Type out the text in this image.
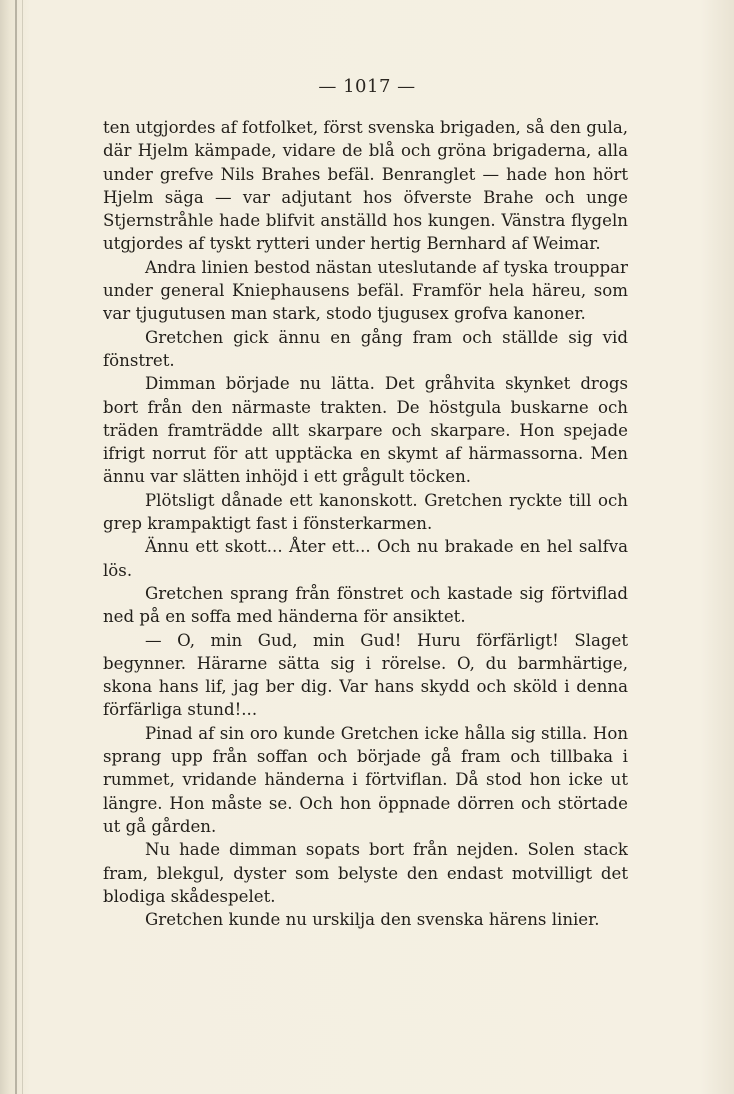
— 1017 —

ten utgjordes af fotfolket, först svenska brigaden, så den gula, där Hjelm kämpade, vidare de blå och gröna brigaderna, alla under grefve Nils Brahes befäl. Benranglet — hade hon hört Hjelm säga — var adjutant hos öfverste Brahe och unge Stjernstråhle hade blifvit anställd hos kungen. Vänstra flygeln utgjordes af tyskt rytteri under hertig Bernhard af Weimar.

Andra linien bestod nästan uteslutande af tyska trouppar under general Kniephausens befäl. Framför hela häreu, som var tjugutusen man stark, stodo tjugusex grofva kanoner.

Gretchen gick ännu en gång fram och ställde sig vid fönstret.

Dimman började nu lätta. Det gråhvita skynket drogs bort från den närmaste trakten. De höstgula buskarne och träden framträdde allt skarpare och skarpare. Hon spejade ifrigt norrut för att upptäcka en skymt af härmassorna. Men ännu var slätten inhöjd i ett grågult töcken.

Plötsligt dånade ett kanonskott. Gretchen ryckte till och grep krampaktigt fast i fönsterkarmen.

Ännu ett skott... Åter ett... Och nu brakade en hel salfva lös.

Gretchen sprang från fönstret och kastade sig förtviflad ned på en soffa med händerna för ansiktet.

— O, min Gud, min Gud! Huru förfärligt! Slaget begynner. Härarne sätta sig i rörelse. O, du barmhärtige, skona hans lif, jag ber dig. Var hans skydd och sköld i denna förfärliga stund!...

Pinad af sin oro kunde Gretchen icke hålla sig stilla. Hon sprang upp från soffan och började gå fram och tillbaka i rummet, vridande händerna i förtviflan. Då stod hon icke ut längre. Hon måste se. Och hon öppnade dörren och störtade ut gå gården.

Nu hade dimman sopats bort från nejden. Solen stack fram, blekgul, dyster som belyste den endast motvilligt det blodiga skådespelet.

Gretchen kunde nu urskilja den svenska härens linier.
